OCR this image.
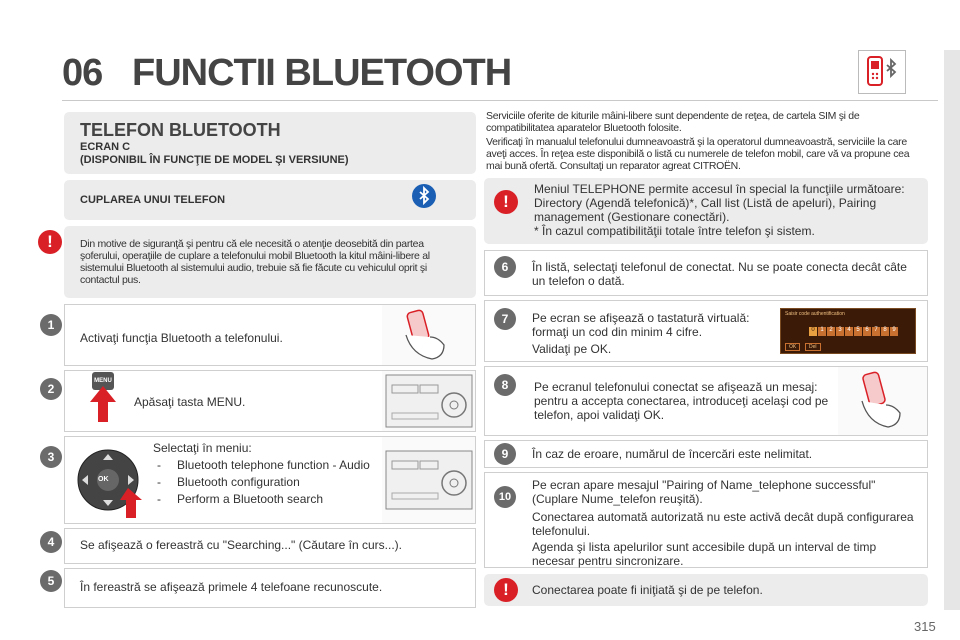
06 FUNCTII BLUETOOTH
TELEFON BLUETOOTH
ECRAN C
(DISPONIBIL ÎN FUNCŢIE DE MODEL ŞI VERSIUNE)
CUPLAREA UNUI TELEFON
!	Din motive de siguranţă şi pentru că ele necesită o atenţie deosebită din partea şoferului, operaţiile de cuplare a telefonului mobil Bluetooth la kitul mâini-libere al sistemului Bluetooth al sistemului audio, trebuie să fie făcute cu vehiculul oprit şi contactul pus.
1
Activaţi funcţia Bluetooth a telefonului.
2
MENU
Apăsaţi tasta MENU.
3
OK
Selectaţi în meniu:
- Bluetooth telephone function - Audio
- Bluetooth configuration
- Perform a Bluetooth search
4	Se afişează o fereastră cu "Searching..." (Căutare în curs...).
5	În fereastră se afişează primele 4 telefoane recunoscute.
Serviciile oferite de kiturile mâini-libere sunt dependente de reţea, de cartela SIM şi de compatibilitatea aparatelor Bluetooth folosite.
Verificaţi în manualul telefonului dumneavoastră şi la operatorul dumneavoastră, serviciile la care aveţi acces. În reţea este disponibilă o listă cu numerele de telefon mobil, care vă va propune cea mai bună ofertă. Consultaţi un reparator agreat CITROËN.
!
Meniul TELEPHONE permite accesul în special la funcţiile următoare: Directory (Agendă telefonică)*, Call list (Listă de apeluri), Pairing management (Gestionare conectări).
* În cazul compatibilităţii totale între telefon şi sistem.
6	În listă, selectaţi telefonul de conectat. Nu se poate conecta decât câte un telefon o dată.
7	Pe ecran se afişează o tastatură virtuală: formaţi un cod din minim 4 cifre.
Validaţi pe OK.
Saisir code authentification
0 1 2 3 4 5 6 7 8 9
OK	Del
8	Pe ecranul telefonului conectat se afişează un mesaj: pentru a accepta conectarea, introduceţi acelaşi cod pe telefon, apoi validaţi OK.
9	În caz de eroare, numărul de încercări este nelimitat.
10
Pe ecran apare mesajul "Pairing of Name_telephone successful" (Cuplare Nume_telefon reuşită).
Conectarea automată autorizată nu este activă decât după configurarea telefonului.
Agenda şi lista apelurilor sunt accesibile după un interval de timp necesar pentru sincronizare.
!	Conectarea poate fi iniţiată şi de pe telefon.
315
